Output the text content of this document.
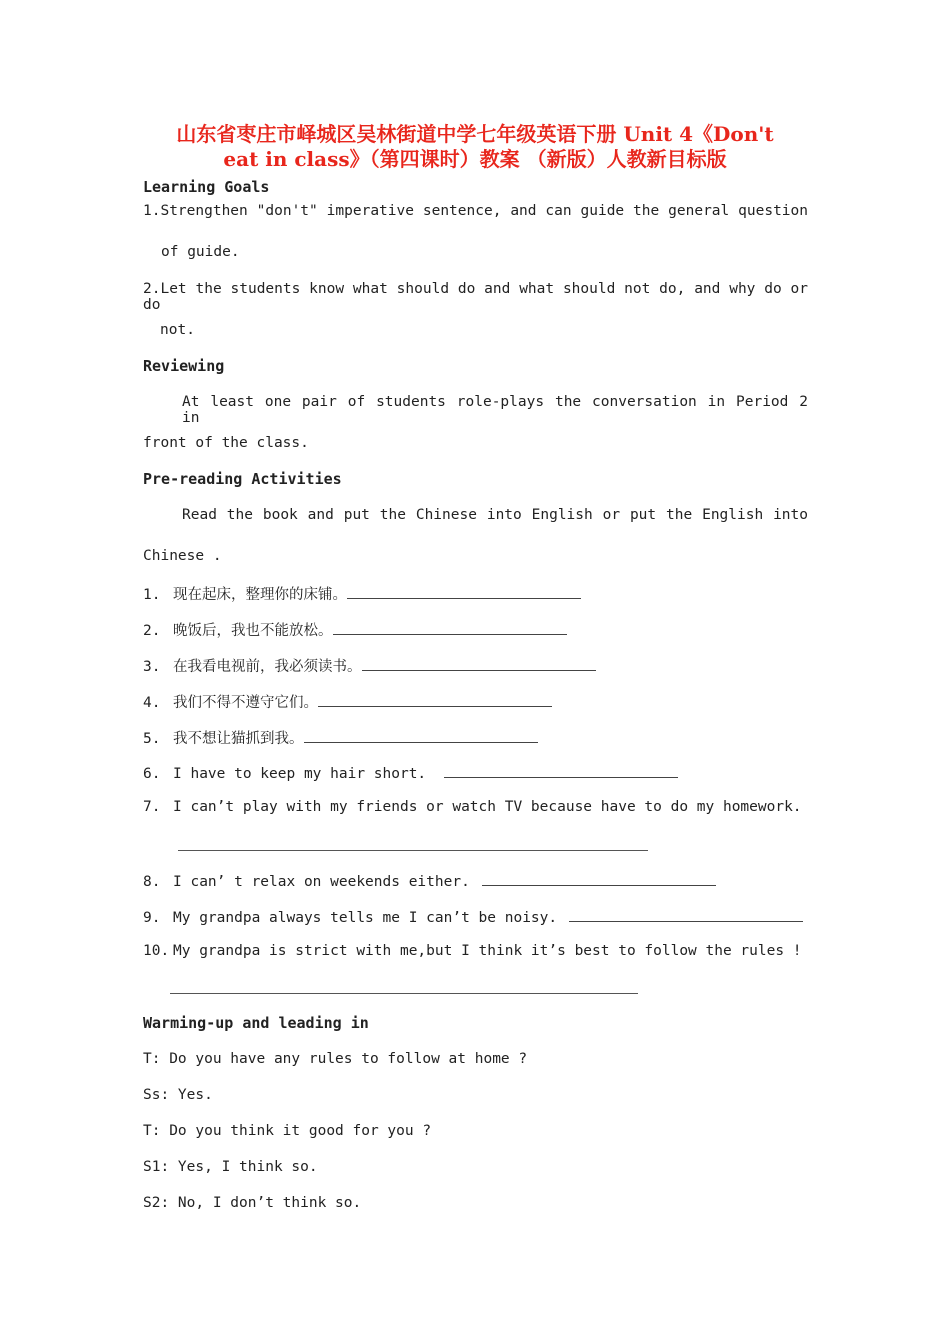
山东省枣庄市峄城区吴林街道中学七年级英语下册 Unit 4《Don't
eat in class》（第四课时）教案 （新版）人教新目标版
Learning Goals
1.Strengthen "don't" imperative sentence, and can guide the general question
of guide.
2.Let the students know what should do and what should not do, and why do or do
not.
Reviewing
At least one pair of students role-plays the conversation in Period 2 in
front of the class.
Pre-reading Activities
Read the book and put the Chinese into English or put the English into
Chinese .
1. 现在起床，整理你的床铺。
2. 晚饭后，我也不能放松。
3. 在我看电视前，我必须读书。
4. 我们不得不遵守它们。
5. 我不想让猫抓到我。
6. I have to keep my hair short.
7. I can’t play with my friends or watch TV because have to do my homework.
8. I can’ t relax on weekends either.
9. My grandpa always tells me I can’t be noisy.
10. My grandpa is strict with me,but I think it’s best to follow the rules !
Warming-up and leading in
T: Do you have any rules to follow at home ?
Ss: Yes.
T: Do you think it good for you ?
S1: Yes, I think so.
S2: No, I don’t think so.
